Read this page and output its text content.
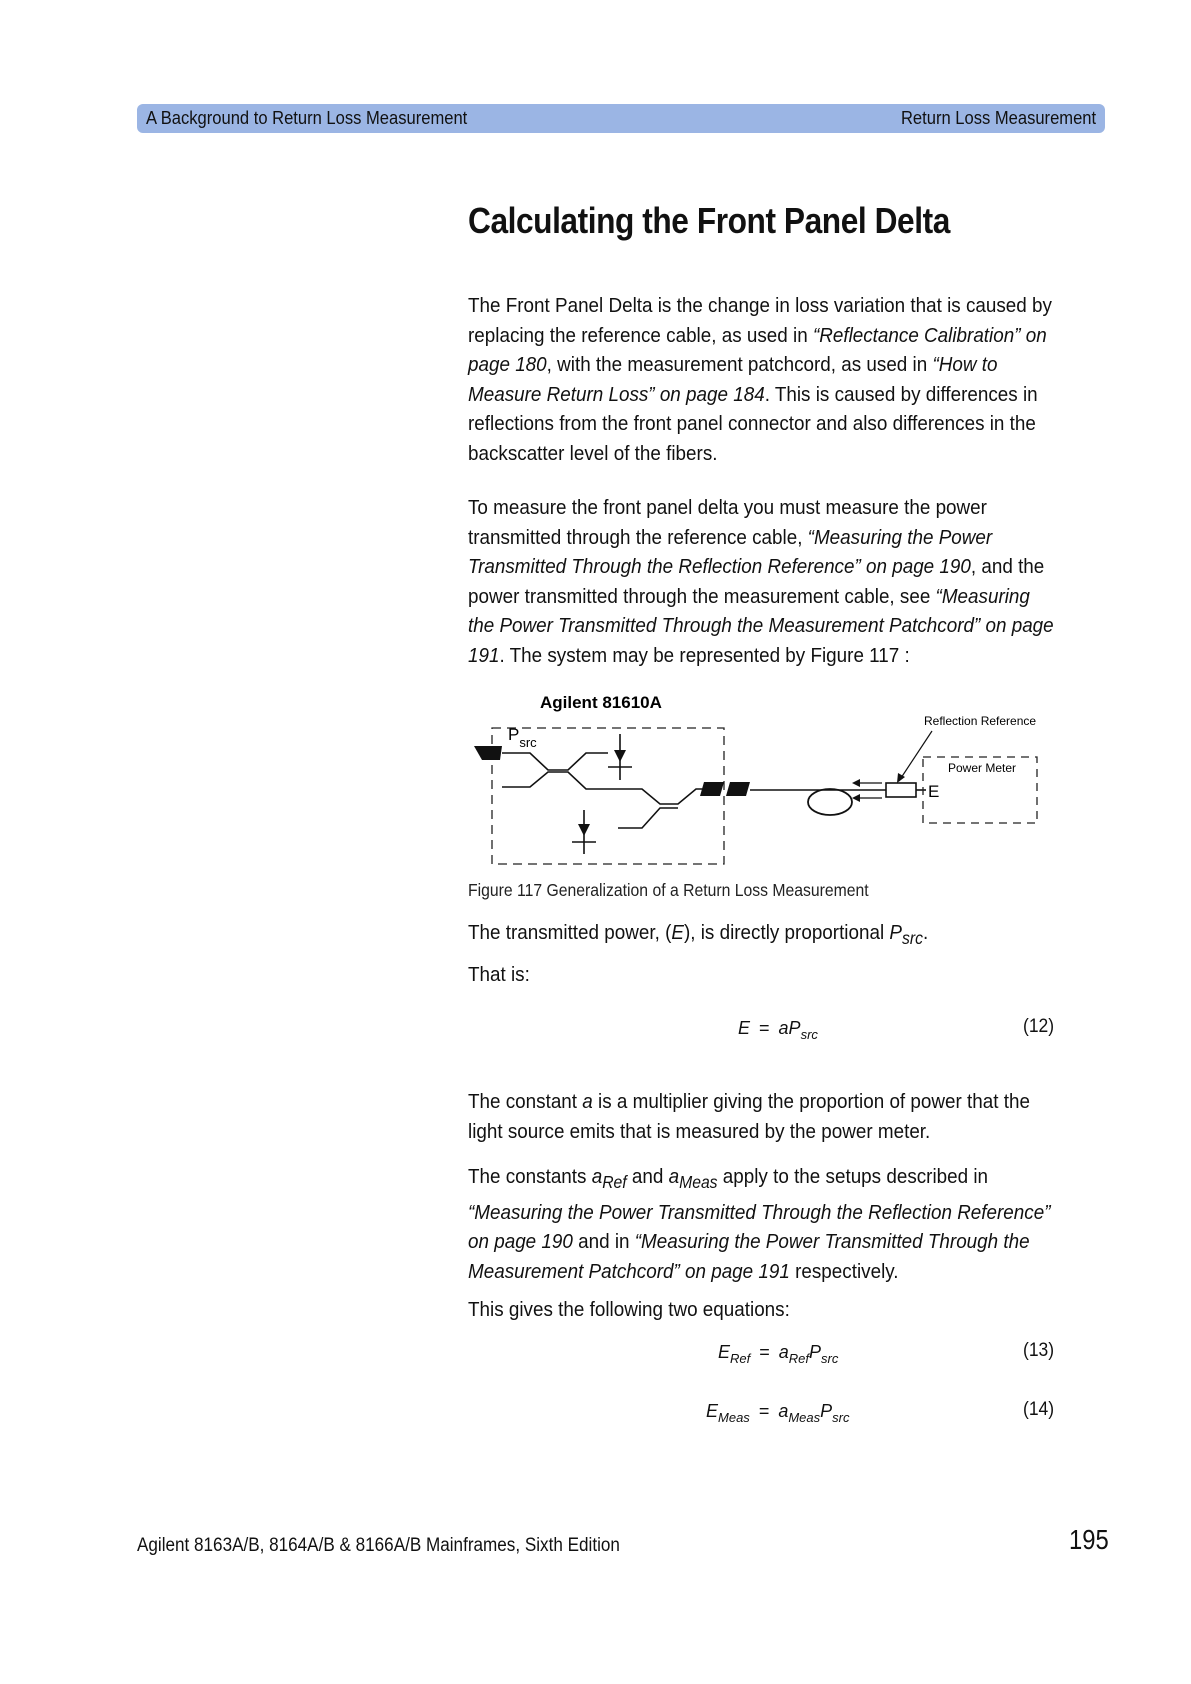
A Background to Return Loss Measurement	Return Loss Measurement
Calculating the Front Panel Delta

The Front Panel Delta is the change in loss variation that is caused by replacing the reference cable, as used in “Reflectance Calibration” on page 180, with the measurement patchcord, as used in “How to Measure Return Loss” on page 184. This is caused by differences in reflections from the front panel connector and also differences in the backscatter level of the fibers.

To measure the front panel delta you must measure the power transmitted through the reference cable, “Measuring the Power Transmitted Through the Reflection Reference” on page 190, and the power transmitted through the measurement cable, see “Measuring the Power Transmitted Through the Measurement Patchcord” on page 191. The system may be represented by Figure 117 :

Agilent 81610A
$P_{src}$
E
Reflection Reference
Power Meter
Figure 117 Generalization of a Return Loss Measurement

The transmitted power, (E), is directly proportional $P_{src}$.

That is:

$E = aP_{src}$	(12)

The constant a is a multiplier giving the proportion of power that the light source emits that is measured by the power meter.

The constants $a_{Ref}$ and $a_{Meas}$ apply to the setups described in “Measuring the Power Transmitted Through the Reflection Reference” on page 190 and in “Measuring the Power Transmitted Through the Measurement Patchcord” on page 191 respectively.

This gives the following two equations:

$E_{Ref} = a_{Ref}P_{src}$	(13)
$E_{Meas} = a_{Meas}P_{src}$	(14)
Agilent 8163A/B, 8164A/B & 8166A/B Mainframes, Sixth Edition	195
